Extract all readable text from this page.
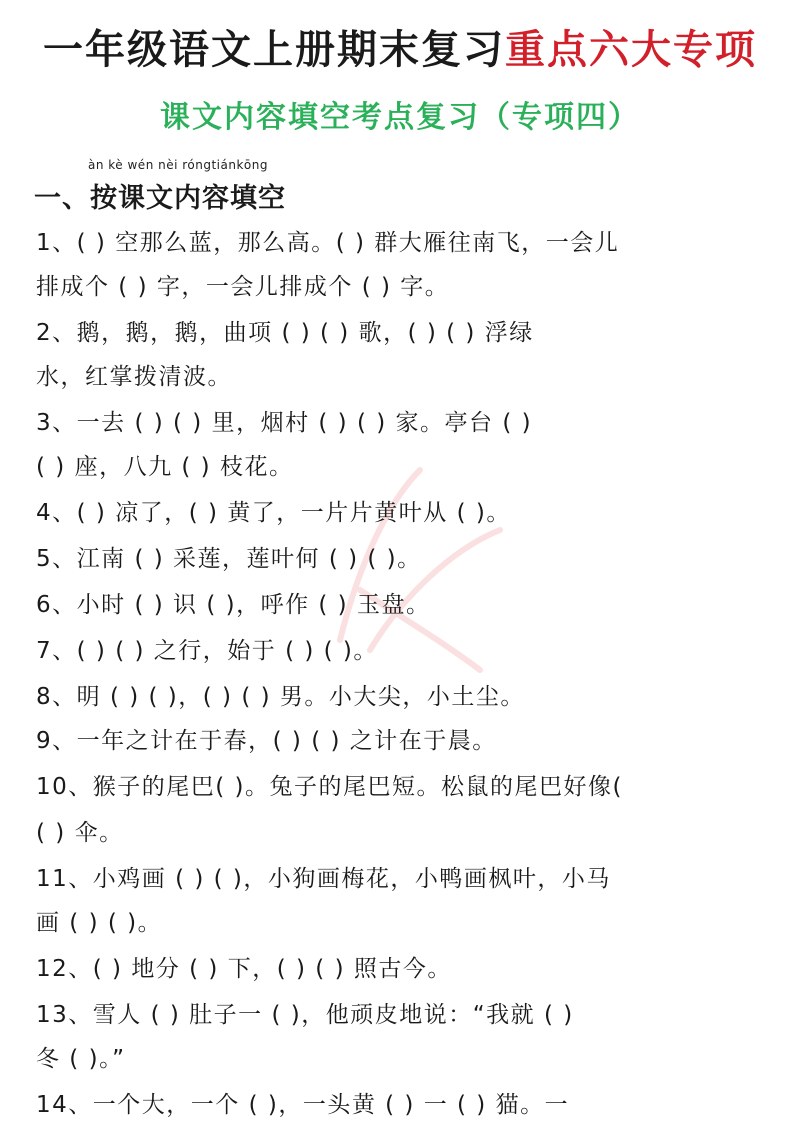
一年级语文上册期末复习重点六大专项
课文内容填空考点复习（专项四）
àn kè wén nèi róngtiánkōng
一、按课文内容填空
1、( ) 空那么蓝，那么高。( ) 群大雁往南飞，一会儿
排成个 ( ) 字，一会儿排成个 ( ) 字。
2、鹅，鹅，鹅，曲项 ( ) ( ) 歌，( ) ( ) 浮绿
水，红掌拨清波。
3、一去 ( ) ( ) 里，烟村 ( ) ( ) 家。亭台 ( )
( ) 座，八九 ( ) 枝花。
4、( ) 凉了，( ) 黄了，一片片黄叶从 ( )。
5、江南 ( ) 采莲，莲叶何 ( ) ( )。
6、小时 ( ) 识 ( )，呼作 ( ) 玉盘。
7、( ) ( ) 之行，始于 ( ) ( )。
8、明 ( ) ( )，( ) ( ) 男。小大尖，小土尘。
9、一年之计在于春，( ) ( ) 之计在于晨。
10、猴子的尾巴( )。兔子的尾巴短。松鼠的尾巴好像(
( ) 伞。
11、小鸡画 ( ) ( )，小狗画梅花，小鸭画枫叶，小马
画 ( ) ( )。
12、( ) 地分 ( ) 下，( ) ( ) 照古今。
13、雪人 ( ) 肚子一 ( )，他顽皮地说：“我就 ( )
冬 ( )。”
14、一个大，一个 ( )，一头黄 ( ) 一 ( ) 猫。一
